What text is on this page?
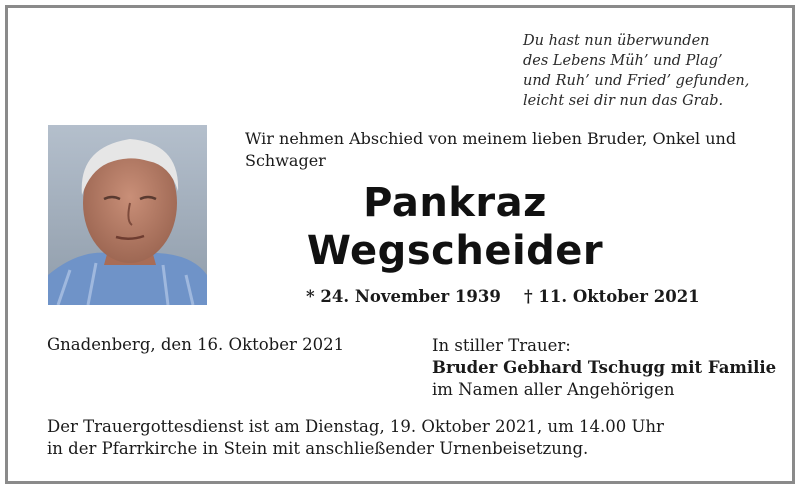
Du hast nun überwunden
des Lebens Müh’ und Plag’
und Ruh’ und Fried’ gefunden,
leicht sei dir nun das Grab.
Wir nehmen Abschied von meinem lieben Bruder, Onkel und
Schwager
Pankraz
Wegscheider
* 24. November 1939 † 11. Oktober 2021
Gnadenberg, den 16. Oktober 2021	In stiller Trauer:
Bruder Gebhard Tschugg mit Familie
im Namen aller Angehörigen
Der Trauergottesdienst ist am Dienstag, 19. Oktober 2021, um 14.00 Uhr
in der Pfarrkirche in Stein mit anschließender Urnenbeisetzung.
